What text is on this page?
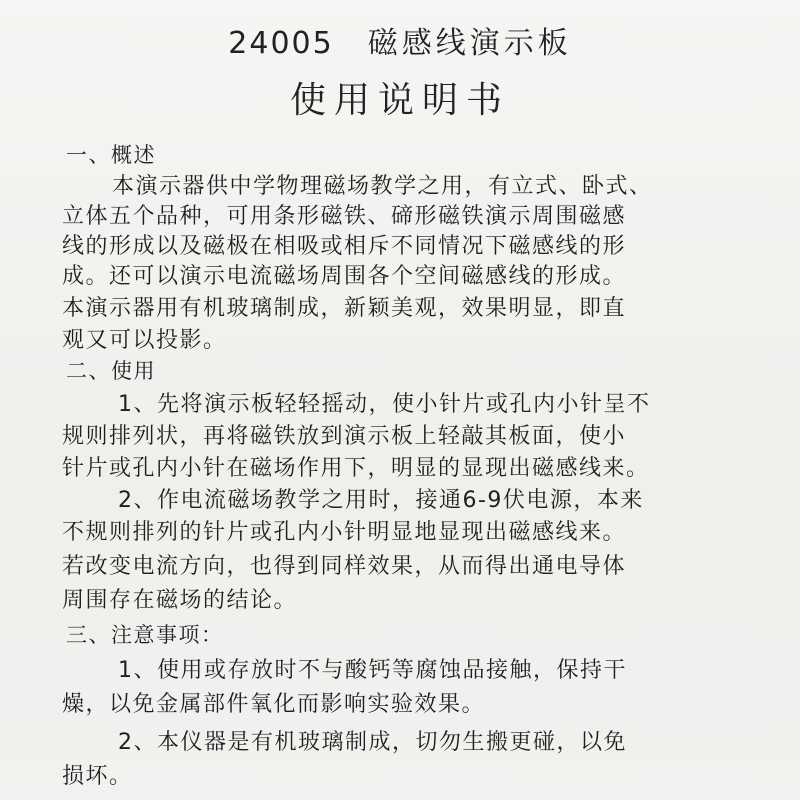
24005 磁感线演示板
使用说明书
一、概述
本演示器供中学物理磁场教学之用，有立式、卧式、
立体五个品种，可用条形磁铁、碲形磁铁演示周围磁感
线的形成以及磁极在相吸或相斥不同情况下磁感线的形
成。还可以演示电流磁场周围各个空间磁感线的形成。
本演示器用有机玻璃制成，新颖美观，效果明显，即直
观又可以投影。
二、使用
1、先将演示板轻轻摇动，使小针片或孔内小针呈不
规则排列状，再将磁铁放到演示板上轻敲其板面，使小
针片或孔内小针在磁场作用下，明显的显现出磁感线来。
2、作电流磁场教学之用时，接通6-9伏电源，本来
不规则排列的针片或孔内小针明显地显现出磁感线来。
若改变电流方向，也得到同样效果，从而得出通电导体
周围存在磁场的结论。
三、注意事项：
1、使用或存放时不与酸钙等腐蚀品接触，保持干
燥，以免金属部件氧化而影响实验效果。
2、本仪器是有机玻璃制成，切勿生搬更碰，以免
损坏。
